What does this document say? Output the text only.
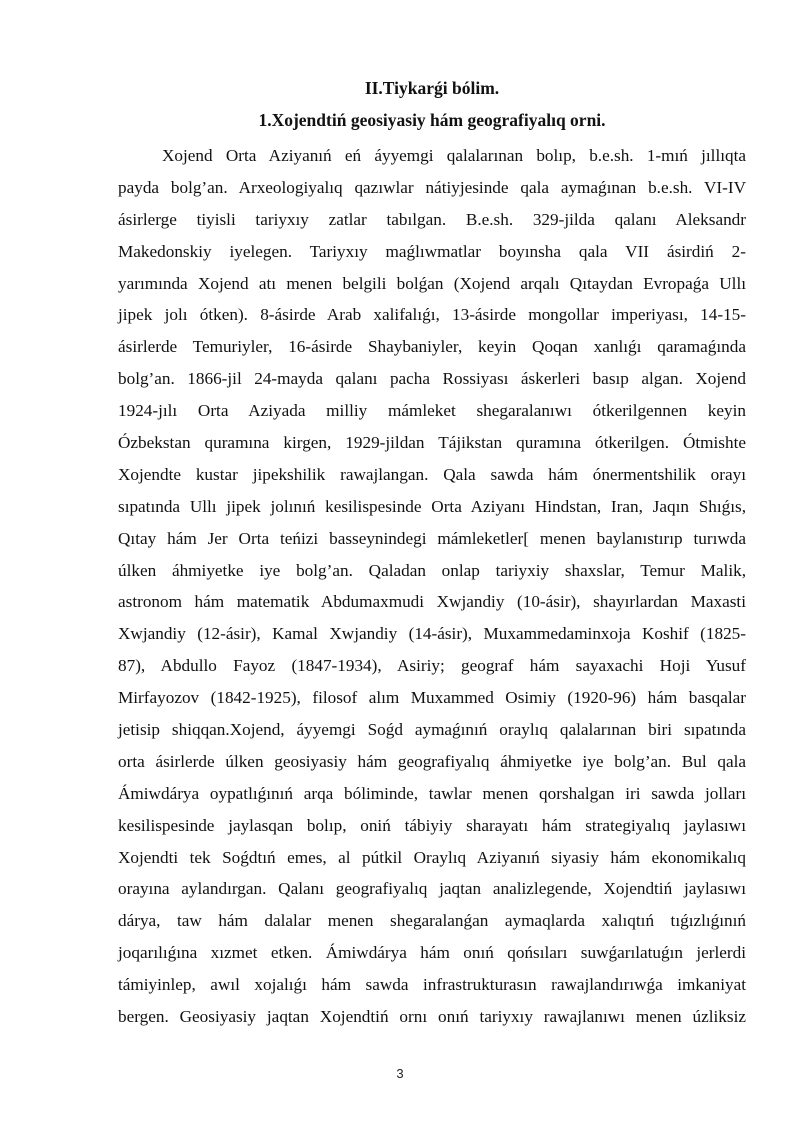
II.Tiykarǵi bólim.
1.Xojendtiń geosiyasiy hám geografiyalıq orni.
Xojend Orta Aziyanıń eń áyyemgi qalalarınan bolıp, b.e.sh. 1-mıń jıllıqta
payda bolg’an. Arxeologiyalıq qazıwlar nátiyjesinde qala aymaǵınan b.e.sh. VI-IV
ásirlerge tiyisli tariyxıy zatlar tabılgan. B.e.sh. 329-jilda qalanı Aleksandr
Makedonskiy iyelegen. Tariyxıy maǵlıwmatlar boyınsha qala VII ásirdiń 2-
yarımında Xojend atı menen belgili bolǵan (Xojend arqalı Qıtaydan Evropaǵa Ullı
jipek jolı ótken). 8-ásirde Arab xalifalıǵı, 13-ásirde mongollar imperiyası, 14-15-
ásirlerde Temuriyler, 16-ásirde Shaybaniyler, keyin Qoqan xanlıǵı qaramaǵında
bolg’an. 1866-jil 24-mayda qalanı pacha Rossiyası áskerleri basıp algan. Xojend
1924-jılı Orta Aziyada milliy mámleket shegaralanıwı ótkerilgennen keyin
Ózbekstan quramına kirgen, 1929-jildan Tájikstan quramına ótkerilgen. Ótmishte
Xojendte kustar jipekshilik rawajlangan. Qala sawda hám ónermentshilik orayı
sıpatında Ullı jipek jolınıń kesilispesinde Orta Aziyanı Hindstan, Iran, Jaqın Shıǵıs,
Qıtay hám Jer Orta teńizi basseynindegi mámleketler[ menen baylanıstırıp turıwda
úlken áhmiyetke iye bolg’an. Qaladan onlap tariyxiy shaxslar, Temur Malik,
astronom hám matematik Abdumaxmudi Xwjandiy (10-ásir), shayırlardan Maxasti
Xwjandiy (12-ásir), Kamal Xwjandiy (14-ásir), Muxammedaminxoja Koshif (1825-
87), Abdullo Fayoz (1847-1934), Asiriy; geograf hám sayaxachi Hoji Yusuf
Mirfayozov (1842-1925), filosof alım Muxammed Osimiy (1920-96) hám basqalar
jetisip shiqqan.Xojend, áyyemgi Soǵd aymaǵınıń oraylıq qalalarınan biri sıpatında
orta ásirlerde úlken geosiyasiy hám geografiyalıq áhmiyetke iye bolg’an. Bul qala
Ámiwdárya oypatlıǵınıń arqa bóliminde, tawlar menen qorshalgan iri sawda jolları
kesilispesinde jaylasqan bolıp, oniń tábiyiy sharayatı hám strategiyalıq jaylasıwı
Xojendti tek Soǵdtıń emes, al pútkil Oraylıq Aziyanıń siyasiy hám ekonomikalıq
orayına aylandırgan. Qalanı geografiyalıq jaqtan analizlegende, Xojendtiń jaylasıwı
dárya, taw hám dalalar menen shegaralanǵan aymaqlarda xalıqtıń tıǵızlıǵınıń
joqarılıǵına xızmet etken. Ámiwdárya hám onıń qońsıları suwǵarılatuǵın jerlerdi
támiyinlep, awıl xojalıǵı hám sawda infrastrukturasın rawajlandırıwǵa imkaniyat
bergen. Geosiyasiy jaqtan Xojendtiń ornı onıń tariyxıy rawajlanıwı menen úzliksiz
3
